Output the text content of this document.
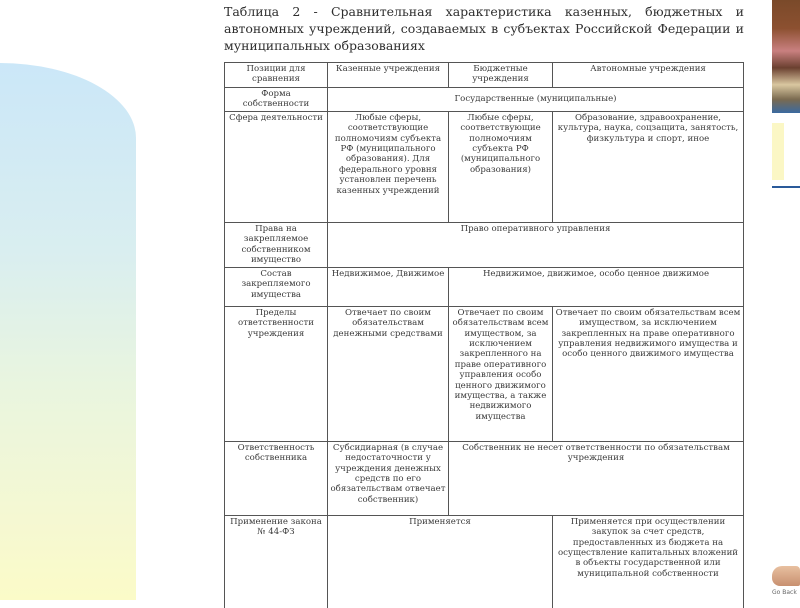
Go Back
Таблица 2 - Сравнительная характеристика казенных, бюджетных и автономных учреждений, создаваемых в субъектах Российской Федерации и муниципальных образованиях
Позиции для сравнения	Казенные учреждения	Бюджетные учреждения	Автономные учреждения
Форма собственности	Государственные (муниципальные)		
Сфера деятельности	Любые сферы, соответствующие полномочиям субъекта РФ (муниципального образования). Для федерального уровня установлен перечень казенных учреждений	Любые сферы, соответствующие полномочиям субъекта РФ (муниципального образования)	Образование, здравоохранение, культура, наука, соцзащита, занятость, физкультура и спорт, иное
Права на закрепляемое собственником имущество	Право оперативного управления		
Состав закрепляемого имущества	Недвижимое, Движимое	Недвижимое, движимое, особо ценное движимое	
Пределы ответственности учреждения	Отвечает по своим обязательствам денежными средствами	Отвечает по своим обязательствам всем имуществом, за исключением закрепленного на праве оперативного управления особо ценного движимого имущества, а также недвижимого имущества	Отвечает по своим обязательствам всем имуществом, за исключением закрепленных на праве оперативного управления недвижимого имущества и особо ценного движимого имущества
Ответственность собственника	Субсидиарная (в случае недостаточности у учреждения денежных средств по его обязательствам отвечает собственник)	Собственник не несет ответственности по обязательствам учреждения	
Применение закона № 44-ФЗ	Применяется		Применяется при осуществлении закупок за счет средств, предоставленных из бюджета на осуществление капитальных вложений в объекты государственной или муниципальной собственности
